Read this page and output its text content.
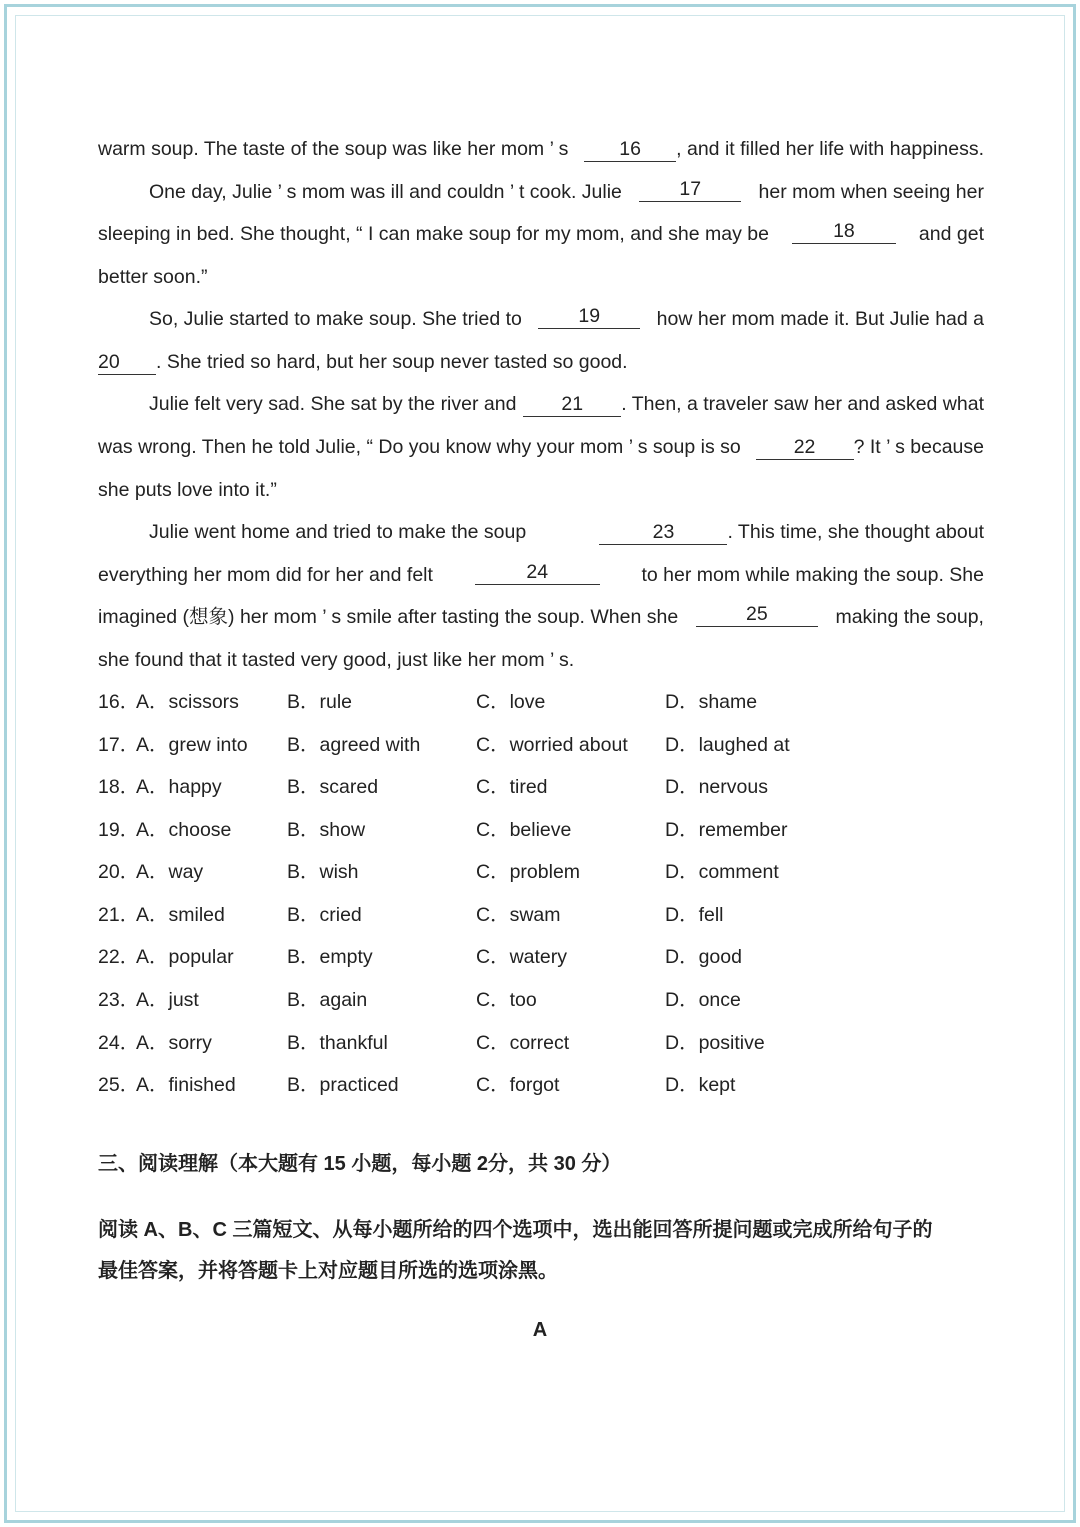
warm soup. The taste of the soup was like her mom ’ s	16 , and it filled her life with happiness.
One day, Julie ’ s mom was ill and couldn ’ t cook. Julie	17	her mom when seeing her
sleeping in bed. She thought, “ I can make soup for my mom, and she may be	18	and get
better soon.”
So, Julie started to make soup. She tried to	19	how her mom made it. But Julie had a
20 . She tried so hard, but her soup never tasted so good.
Julie felt very sad. She sat by the river and	21 . Then, a traveler saw her and asked what
was wrong. Then he told Julie, “ Do you know why your mom ’ s soup is so	22 ? It ’ s because
she puts love into it.”
Julie went home and tried to make the soup	23	. This time, she thought about
everything her mom did for her and felt	24	to her mom while making the soup. She
imagined (想象) her mom ’ s smile after tasting the soup. When she	25	making the soup,
she found that it tasted very good, just like her mom ’ s.
16．
A．scissors B．rule	C．love	D．shame
17．
A．grew into B．agreed with	C．worried about D．laughed at
18．
A．happy	B．scared	C．tired	D．nervous
19．
A．choose	B．show	C．believe	D．remember
20．
A．way	B．wish	C．problem	D．comment
21．
A．smiled	B．cried	C．swam	D．fell
22．
A．popular	B．empty	C．watery	D．good
23．
A．just	B．again	C．too	D．once
24．
A．sorry	B．thankful	C．correct	D．positive
25．
A．finished	B．practiced	C．forgot	D．kept
三、阅读理解（本大题有 15 小题，每小题 2分，共 30 分）
阅读 A、B、C 三篇短文、从每小题所给的四个选项中，选出能回答所提问题或完成所给句子的
最佳答案，并将答题卡上对应题目所选的选项涂黑。
A
